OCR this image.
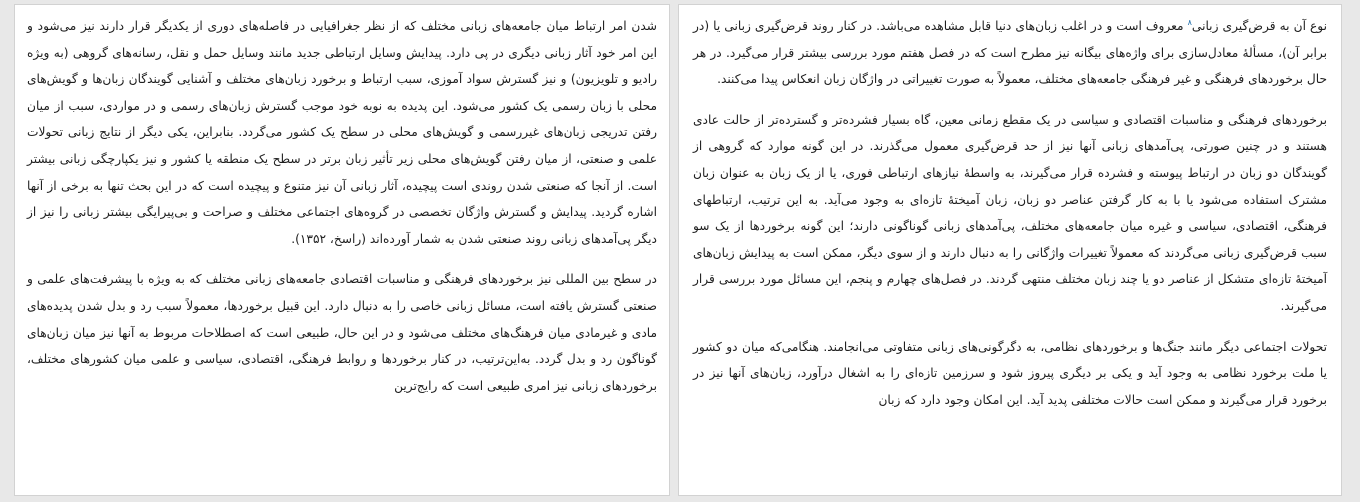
شدن امر ارتباط میان جامعه‌های زبانی مختلف که از نظر جغرافیایی در فاصله‌های دوری از یکدیگر قرار دارند نیز می‌شود و این امر خود آثار زبانی دیگری در پی دارد. پیدایش وسایل ارتباطی جدید مانند وسایل حمل و نقل، رسانه‌های گروهی (به ویژه رادیو و تلویزیون) و نیز گسترش سواد آموزی، سبب ارتباط و برخورد زبان‌های مختلف و آشنایی گویندگان زبان‌ها و گویش‌های محلی با زبان رسمی یک کشور می‌شود. این پدیده به نوبه خود موجب گسترش زبان‌های رسمی و در مواردی، سبب از میان رفتن تدریجی زبان‌های غیررسمی و گویش‌های محلی در سطح یک کشور می‌گردد. بنابراین، یکی دیگر از نتایج زبانی تحولات علمی و صنعتی، از میان رفتن گویش‌های محلی زیر تأثیر زبان برتر در سطح یک منطقه یا کشور و نیز یکپارچگی زبانی بیشتر است. از آنجا که صنعتی شدن روندی است پیچیده، آثار زبانی آن نیز متنوع و پیچیده است که در این بحث تنها به برخی از آنها اشاره گردید. پیدایش و گسترش واژگان تخصصی در گروه‌های اجتماعی مختلف و صراحت و بی‌پیرایگی بیشتر زبانی را نیز از دیگر پی‌آمدهای زبانی روند صنعتی شدن به شمار آورده‌اند (راسخ، ۱۳۵۲).

در سطح بین المللی نیز برخوردهای فرهنگی و مناسبات اقتصادی جامعه‌های زبانی مختلف که به ویژه با پیشرفت‌های علمی و صنعتی گسترش یافته است، مسائل زبانی خاصی را به دنبال دارد. این قبیل برخوردها، معمولاً سبب رد و بدل شدن پدیده‌های مادی و غیرمادی میان فرهنگ‌های مختلف می‌شود و در این حال، طبیعی است که اصطلاحات مربوط به آنها نیز میان زبان‌های گوناگون رد و بدل گردد. به‌این‌ترتیب، در کنار برخوردها و روابط فرهنگی، اقتصادی، سیاسی و علمی میان کشورهای مختلف، برخوردهای زبانی نیز امری طبیعی است که رایج‌ترین

نوع آن به قرض‌گیری زبانی$^۸$ معروف است و در اغلب زبان‌های دنیا قابل مشاهده می‌باشد. در کنار روند قرض‌گیری زبانی یا (در برابر آن)، مسألهٔ معادل‌سازی برای واژه‌های بیگانه نیز مطرح است که در فصل هفتم مورد بررسی بیشتر قرار می‌گیرد. در هر حال برخوردهای فرهنگی و غیر فرهنگی جامعه‌های مختلف، معمولاً به صورت تغییراتی در واژگان زبان انعکاس پیدا می‌کنند.

برخوردهای فرهنگی و مناسبات اقتصادی و سیاسی در یک مقطع زمانی معین، گاه بسیار فشرده‌تر و گسترده‌تر از حالت عادی هستند و در چنین صورتی، پی‌آمدهای زبانی آنها نیز از حد قرض‌گیری معمول می‌گذرند. در این گونه موارد که گروهی از گویندگان دو زبان در ارتباط پیوسته و فشرده قرار می‌گیرند، به واسطهٔ نیازهای ارتباطی فوری، یا از یک زبان به عنوان زبان مشترک استفاده می‌شود یا با به کار گرفتن عناصر دو زبان، زبان آمیختهٔ تازه‌ای به وجود می‌آید. به این ترتیب، ارتباطهای فرهنگی، اقتصادی، سیاسی و غیره میان جامعه‌های مختلف، پی‌آمدهای زبانی گوناگونی دارند؛ این گونه برخوردها از یک سو سبب قرض‌گیری زبانی می‌گردند که معمولاً تغییرات واژگانی را به دنبال دارند و از سوی دیگر، ممکن است به پیدایش زبان‌های آمیختهٔ تازه‌ای متشکل از عناصر دو یا چند زبان مختلف منتهی گردند. در فصل‌های چهارم و پنجم، این مسائل مورد بررسی قرار می‌گیرند.

تحولات اجتماعی دیگر مانند جنگ‌ها و برخوردهای نظامی، به دگرگونی‌های زبانی متفاوتی می‌انجامند. هنگامی‌که میان دو کشور یا ملت برخورد نظامی به وجود آید و یکی بر دیگری پیروز شود و سرزمین تازه‌ای را به اشغال درآورد، زبان‌های آنها نیز در برخورد قرار می‌گیرند و ممکن است حالات مختلفی پدید آید. این امکان وجود دارد که زبان
